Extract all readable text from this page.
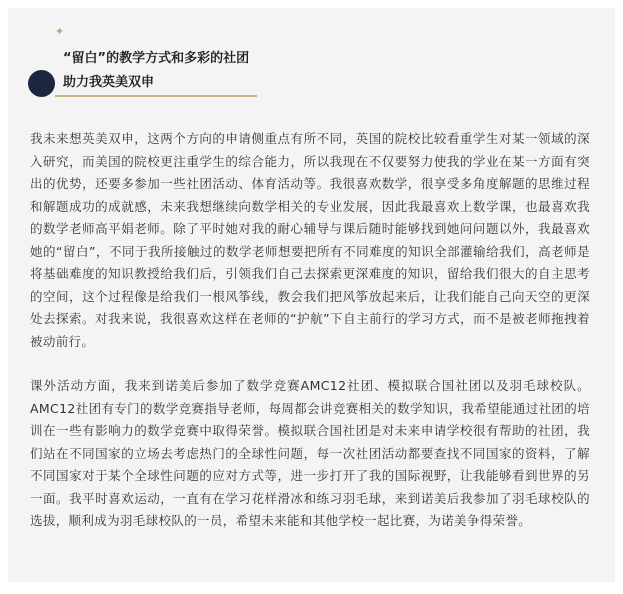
✦
“留白”的教学方式和多彩的社团
助力我英美双申

我未来想英美双申，这两个方向的申请侧重点有所不同，英国的院校比较看重学生对某一领域的深入研究，而美国的院校更注重学生的综合能力，所以我现在不仅要努力使我的学业在某一方面有突出的优势，还要多参加一些社团活动、体育活动等。我很喜欢数学，很享受多角度解题的思维过程和解题成功的成就感，未来我想继续向数学相关的专业发展，因此我最喜欢上数学课，也最喜欢我的数学老师高平娟老师。除了平时她对我的耐心辅导与课后随时能够找到她问问题以外，我最喜欢她的“留白”，不同于我所接触过的数学老师想要把所有不同难度的知识全部灌输给我们，高老师是将基础难度的知识教授给我们后，引领我们自己去探索更深难度的知识，留给我们很大的自主思考的空间，这个过程像是给我们一根风筝线，教会我们把风筝放起来后，让我们能自己向天空的更深处去探索。对我来说，我很喜欢这样在老师的“护航”下自主前行的学习方式，而不是被老师拖拽着被动前行。

课外活动方面，我来到诺美后参加了数学竞赛AMC12社团、模拟联合国社团以及羽毛球校队。AMC12社团有专门的数学竞赛指导老师，每周都会讲竞赛相关的数学知识，我希望能通过社团的培训在一些有影响力的数学竞赛中取得荣誉。模拟联合国社团是对未来申请学校很有帮助的社团，我们站在不同国家的立场去考虑热门的全球性问题，每一次社团活动都要查找不同国家的资料，了解不同国家对于某个全球性问题的应对方式等，进一步打开了我的国际视野，让我能够看到世界的另一面。我平时喜欢运动，一直有在学习花样滑冰和练习羽毛球，来到诺美后我参加了羽毛球校队的选拔，顺利成为羽毛球校队的一员，希望未来能和其他学校一起比赛，为诺美争得荣誉。
